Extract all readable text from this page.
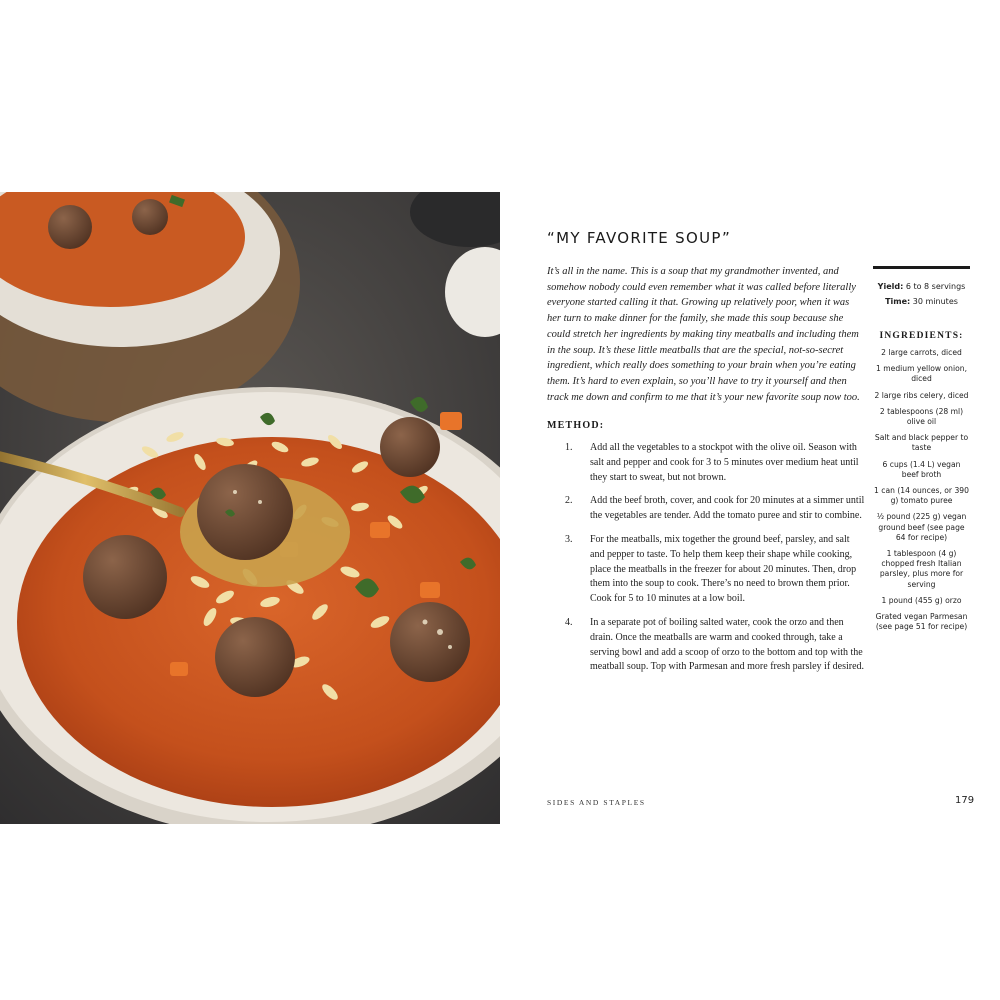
“MY FAVORITE SOUP”

It’s all in the name. This is a soup that my grandmother invented, and somehow nobody could even remember what it was called before literally everyone started calling it that. Growing up relatively poor, when it was her turn to make dinner for the family, she made this soup because she could stretch her ingredients by making tiny meatballs and including them in the soup. It’s these little meatballs that are the special, not-so-secret ingredient, which really does something to your brain when you’re eating them. It’s hard to even explain, so you’ll have to try it yourself and then track me down and confirm to me that it’s your new favorite soup now too.

METHOD:
1.	Add all the vegetables to a stockpot with the olive oil. Season with salt and pepper and cook for 3 to 5 minutes over medium heat until they start to sweat, but not brown.
2.	Add the beef broth, cover, and cook for 20 minutes at a simmer until the vegetables are tender. Add the tomato puree and stir to combine.
3.	For the meatballs, mix together the ground beef, parsley, and salt and pepper to taste. To help them keep their shape while cooking, place the meatballs in the freezer for about 20 minutes. Then, drop them into the soup to cook. There’s no need to brown them prior. Cook for 5 to 10 minutes at a low boil.
4.	In a separate pot of boiling salted water, cook the orzo and then drain. Once the meatballs are warm and cooked through, take a serving bowl and add a scoop of orzo to the bottom and top with the meatball soup. Top with Parmesan and more fresh parsley if desired.
Yield: 6 to 8 servings
Time: 30 minutes
INGREDIENTS:
2 large carrots, diced
1 medium yellow onion, diced
2 large ribs celery, diced
2 tablespoons (28 ml) olive oil
Salt and black pepper to taste
6 cups (1.4 L) vegan beef broth
1 can (14 ounces, or 390 g) tomato puree
½ pound (225 g) vegan ground beef (see page 64 for recipe)
1 tablespoon (4 g) chopped fresh Italian parsley, plus more for serving
1 pound (455 g) orzo
Grated vegan Parmesan (see page 51 for recipe)
SIDES AND STAPLES	179
